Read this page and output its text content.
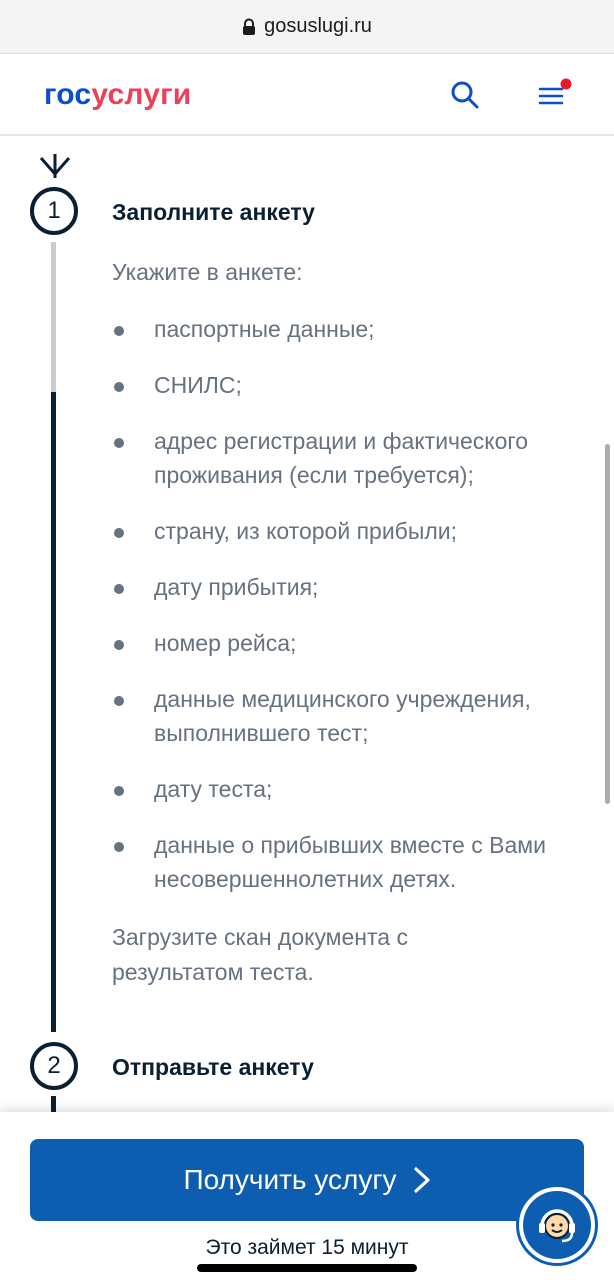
gosuslugi.ru
госуслуги
1	Заполните анкету
Укажите в анкете:
паспортные данные;
СНИЛС;
адрес регистрации и фактического проживания (если требуется);
страну, из которой прибыли;
дату прибытия;
номер рейса;
данные медицинского учреждения, выполнившего тест;
дату теста;
данные о прибывших вместе с Вами несовершеннолетних детях.
Загрузите скан документа с результатом теста.
2	Отправьте анкету
Получить услугу
Это займет 15 минут
